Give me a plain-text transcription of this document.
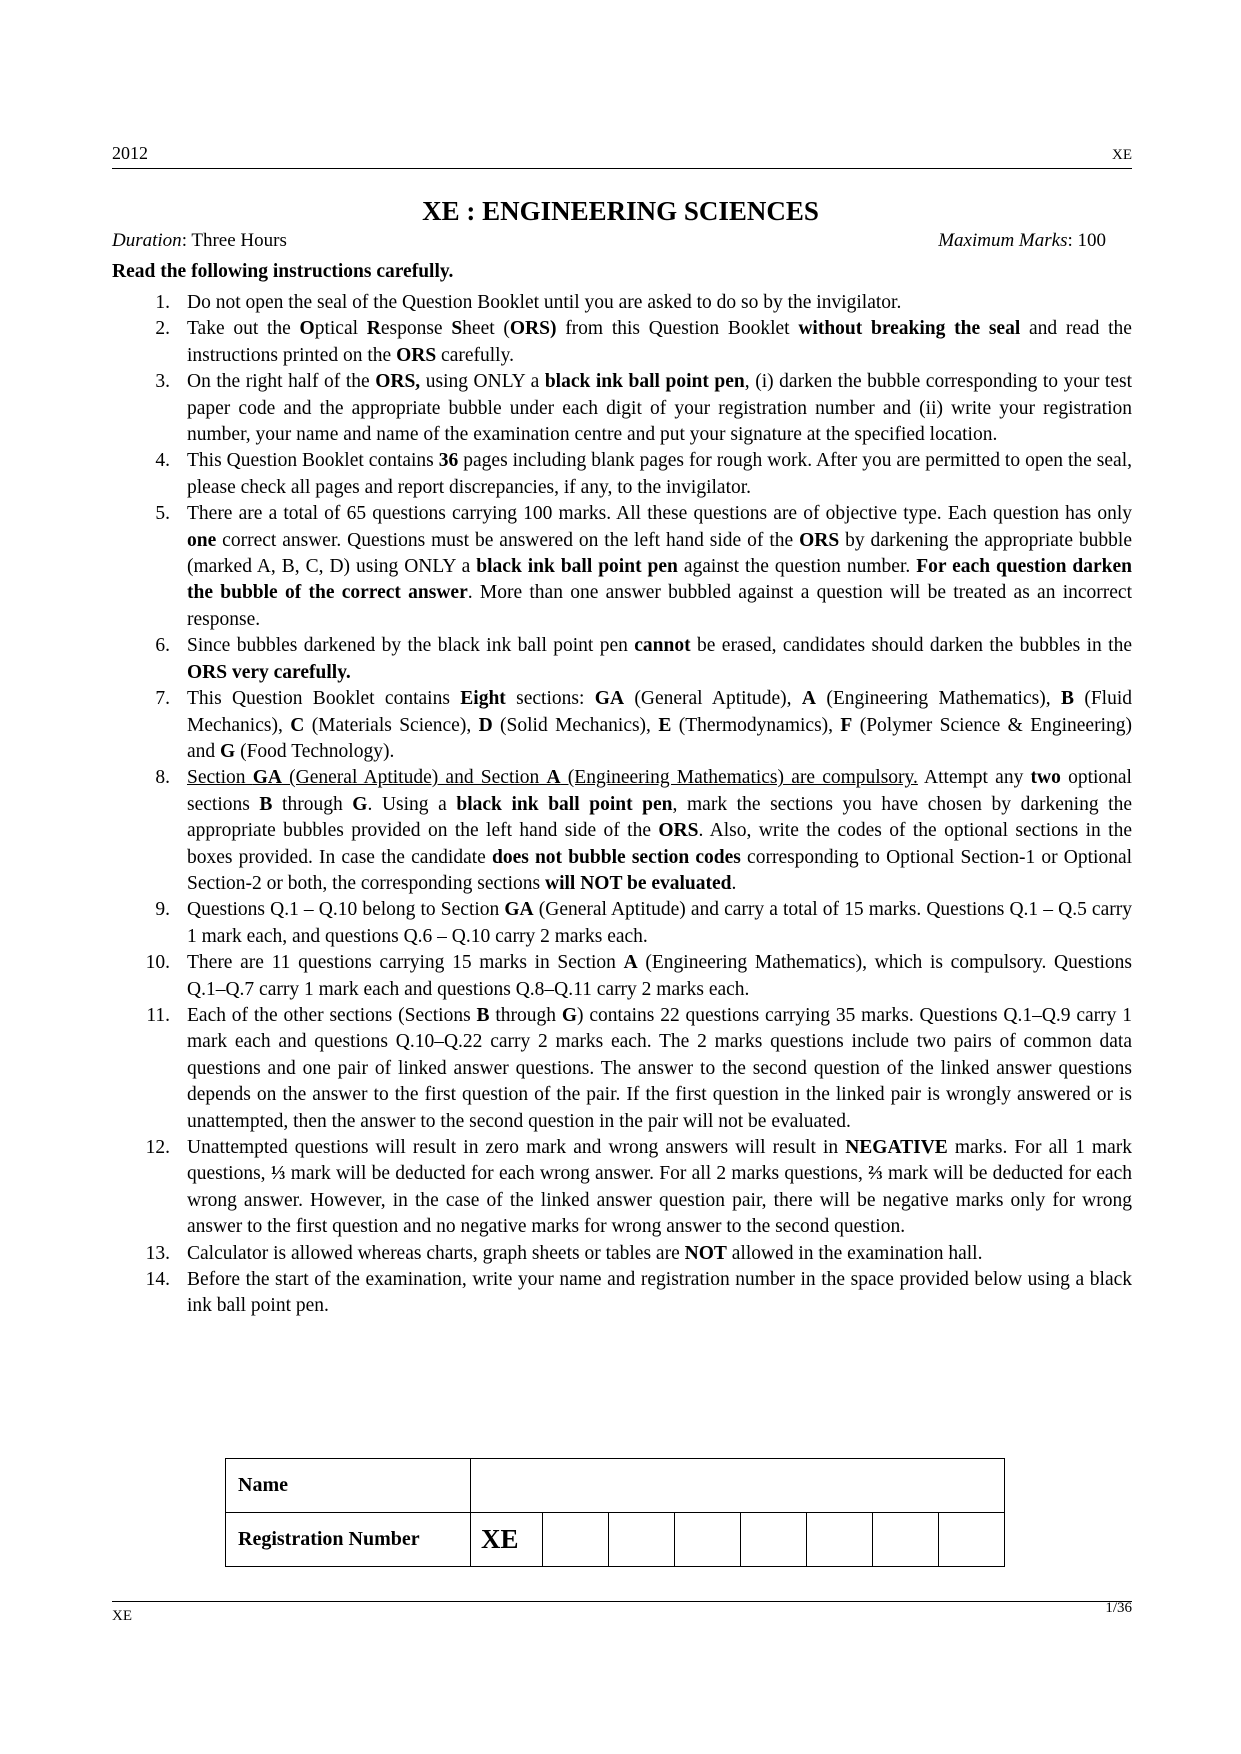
2012	XE
XE : ENGINEERING SCIENCES
Duration: Three Hours	Maximum Marks: 100
Read the following instructions carefully.
1. Do not open the seal of the Question Booklet until you are asked to do so by the invigilator.
2. Take out the Optical Response Sheet (ORS) from this Question Booklet without breaking the seal and read the instructions printed on the ORS carefully.
3. On the right half of the ORS, using ONLY a black ink ball point pen, (i) darken the bubble corresponding to your test paper code and the appropriate bubble under each digit of your registration number and (ii) write your registration number, your name and name of the examination centre and put your signature at the specified location.
4. This Question Booklet contains 36 pages including blank pages for rough work. After you are permitted to open the seal, please check all pages and report discrepancies, if any, to the invigilator.
5. There are a total of 65 questions carrying 100 marks. All these questions are of objective type. Each question has only one correct answer. Questions must be answered on the left hand side of the ORS by darkening the appropriate bubble (marked A, B, C, D) using ONLY a black ink ball point pen against the question number. For each question darken the bubble of the correct answer. More than one answer bubbled against a question will be treated as an incorrect response.
6. Since bubbles darkened by the black ink ball point pen cannot be erased, candidates should darken the bubbles in the ORS very carefully.
7. This Question Booklet contains Eight sections: GA (General Aptitude), A (Engineering Mathematics), B (Fluid Mechanics), C (Materials Science), D (Solid Mechanics), E (Thermodynamics), F (Polymer Science & Engineering) and G (Food Technology).
8. Section GA (General Aptitude) and Section A (Engineering Mathematics) are compulsory. Attempt any two optional sections B through G. Using a black ink ball point pen, mark the sections you have chosen by darkening the appropriate bubbles provided on the left hand side of the ORS. Also, write the codes of the optional sections in the boxes provided. In case the candidate does not bubble section codes corresponding to Optional Section-1 or Optional Section-2 or both, the corresponding sections will NOT be evaluated.
9. Questions Q.1 – Q.10 belong to Section GA (General Aptitude) and carry a total of 15 marks. Questions Q.1 – Q.5 carry 1 mark each, and questions Q.6 – Q.10 carry 2 marks each.
10. There are 11 questions carrying 15 marks in Section A (Engineering Mathematics), which is compulsory. Questions Q.1–Q.7 carry 1 mark each and questions Q.8–Q.11 carry 2 marks each.
11. Each of the other sections (Sections B through G) contains 22 questions carrying 35 marks. Questions Q.1–Q.9 carry 1 mark each and questions Q.10–Q.22 carry 2 marks each. The 2 marks questions include two pairs of common data questions and one pair of linked answer questions. The answer to the second question of the linked answer questions depends on the answer to the first question of the pair. If the first question in the linked pair is wrongly answered or is unattempted, then the answer to the second question in the pair will not be evaluated.
12. Unattempted questions will result in zero mark and wrong answers will result in NEGATIVE marks. For all 1 mark questions, ⅓ mark will be deducted for each wrong answer. For all 2 marks questions, ⅔ mark will be deducted for each wrong answer. However, in the case of the linked answer question pair, there will be negative marks only for wrong answer to the first question and no negative marks for wrong answer to the second question.
13. Calculator is allowed whereas charts, graph sheets or tables are NOT allowed in the examination hall.
14. Before the start of the examination, write your name and registration number in the space provided below using a black ink ball point pen.
Name								
Registration Number	XE							
XE	1/36
